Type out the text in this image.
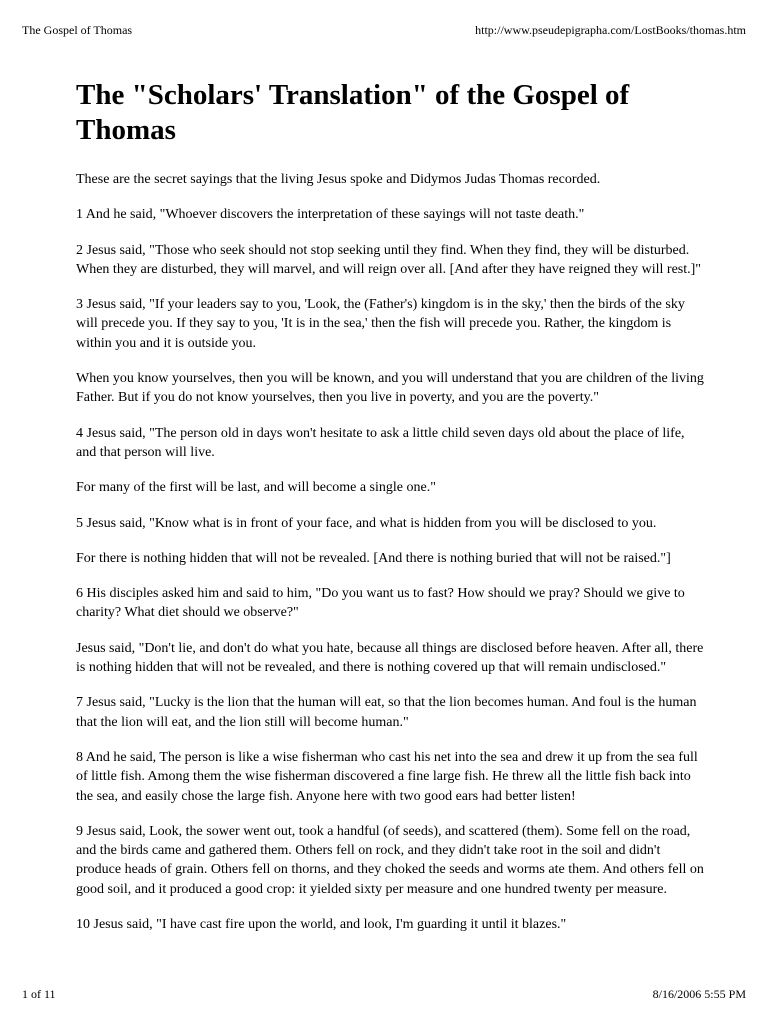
The Gospel of Thomas	http://www.pseudepigrapha.com/LostBooks/thomas.htm
The "Scholars' Translation" of the Gospel of Thomas

These are the secret sayings that the living Jesus spoke and Didymos Judas Thomas recorded.

1 And he said, "Whoever discovers the interpretation of these sayings will not taste death."

2 Jesus said, "Those who seek should not stop seeking until they find. When they find, they will be disturbed. When they are disturbed, they will marvel, and will reign over all. [And after they have reigned they will rest.]"

3 Jesus said, "If your leaders say to you, 'Look, the (Father's) kingdom is in the sky,' then the birds of the sky will precede you. If they say to you, 'It is in the sea,' then the fish will precede you. Rather, the kingdom is within you and it is outside you.

When you know yourselves, then you will be known, and you will understand that you are children of the living Father. But if you do not know yourselves, then you live in poverty, and you are the poverty."

4 Jesus said, "The person old in days won't hesitate to ask a little child seven days old about the place of life, and that person will live.

For many of the first will be last, and will become a single one."

5 Jesus said, "Know what is in front of your face, and what is hidden from you will be disclosed to you.

For there is nothing hidden that will not be revealed. [And there is nothing buried that will not be raised."]

6 His disciples asked him and said to him, "Do you want us to fast? How should we pray? Should we give to charity? What diet should we observe?"

Jesus said, "Don't lie, and don't do what you hate, because all things are disclosed before heaven. After all, there is nothing hidden that will not be revealed, and there is nothing covered up that will remain undisclosed."

7 Jesus said, "Lucky is the lion that the human will eat, so that the lion becomes human. And foul is the human that the lion will eat, and the lion still will become human."

8 And he said, The person is like a wise fisherman who cast his net into the sea and drew it up from the sea full of little fish. Among them the wise fisherman discovered a fine large fish. He threw all the little fish back into the sea, and easily chose the large fish. Anyone here with two good ears had better listen!

9 Jesus said, Look, the sower went out, took a handful (of seeds), and scattered (them). Some fell on the road, and the birds came and gathered them. Others fell on rock, and they didn't take root in the soil and didn't produce heads of grain. Others fell on thorns, and they choked the seeds and worms ate them. And others fell on good soil, and it produced a good crop: it yielded sixty per measure and one hundred twenty per measure.

10 Jesus said, "I have cast fire upon the world, and look, I'm guarding it until it blazes."

1 of 11	8/16/2006 5:55 PM
